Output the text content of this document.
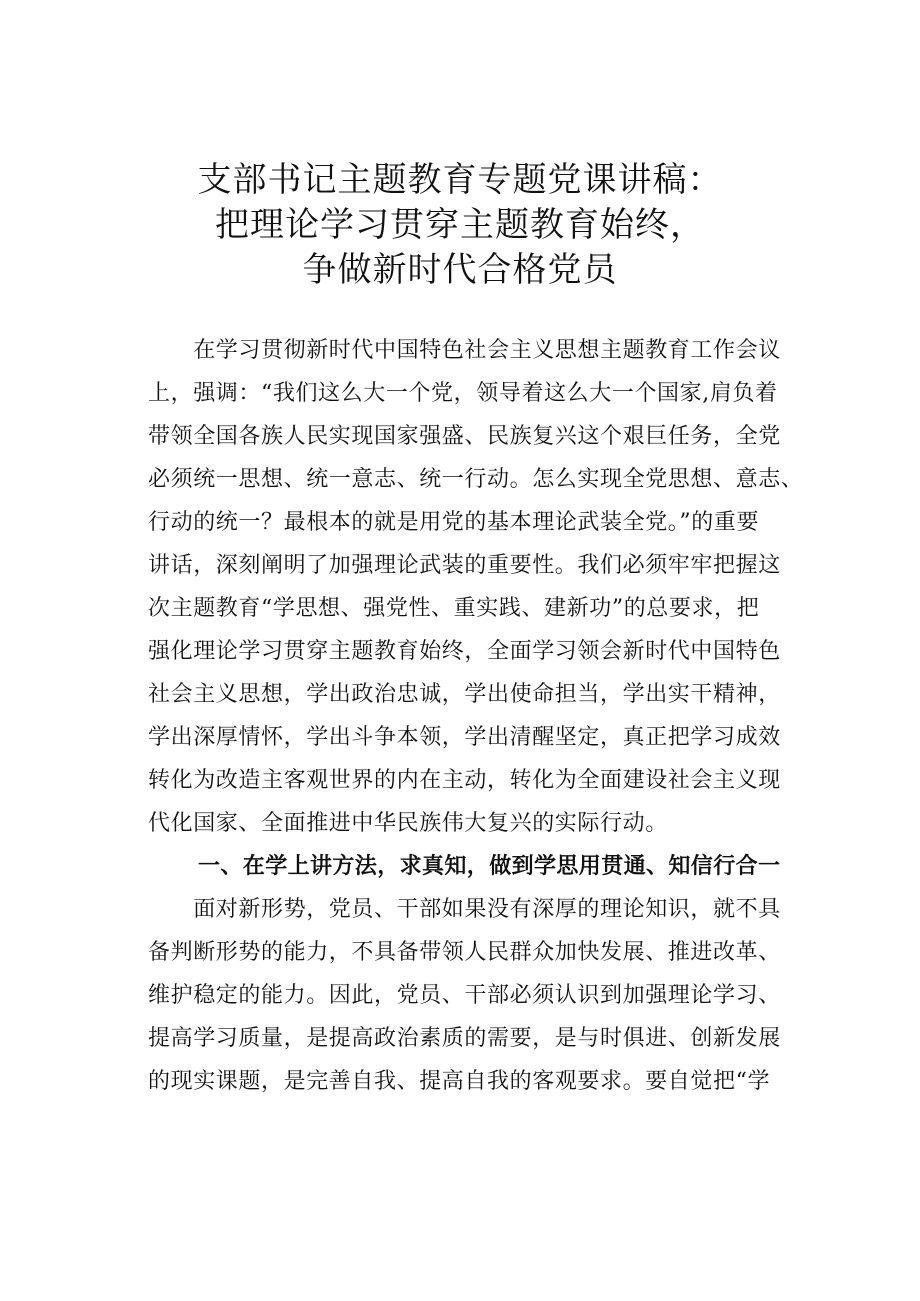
支部书记主题教育专题党课讲稿：
把理论学习贯穿主题教育始终，
争做新时代合格党员
　　在学习贯彻新时代中国特色社会主义思想主题教育工作会议
上，强调：“我们这么大一个党，领导着这么大一个国家,肩负着
带领全国各族人民实现国家强盛、民族复兴这个艰巨任务，全党
必须统一思想、统一意志、统一行动。怎么实现全党思想、意志、
行动的统一？最根本的就是用党的基本理论武装全党。”的重要
讲话，深刻阐明了加强理论武装的重要性。我们必须牢牢把握这
次主题教育“学思想、强党性、重实践、建新功”的总要求，把
强化理论学习贯穿主题教育始终，全面学习领会新时代中国特色
社会主义思想，学出政治忠诚，学出使命担当，学出实干精神，
学出深厚情怀，学出斗争本领，学出清醒坚定，真正把学习成效
转化为改造主客观世界的内在主动，转化为全面建设社会主义现
代化国家、全面推进中华民族伟大复兴的实际行动。
一、在学上讲方法，求真知，做到学思用贯通、知信行合一
　　面对新形势，党员、干部如果没有深厚的理论知识，就不具
备判断形势的能力，不具备带领人民群众加快发展、推进改革、
维护稳定的能力。因此，党员、干部必须认识到加强理论学习、
提高学习质量，是提高政治素质的需要，是与时俱进、创新发展
的现实课题，是完善自我、提高自我的客观要求。要自觉把“学
